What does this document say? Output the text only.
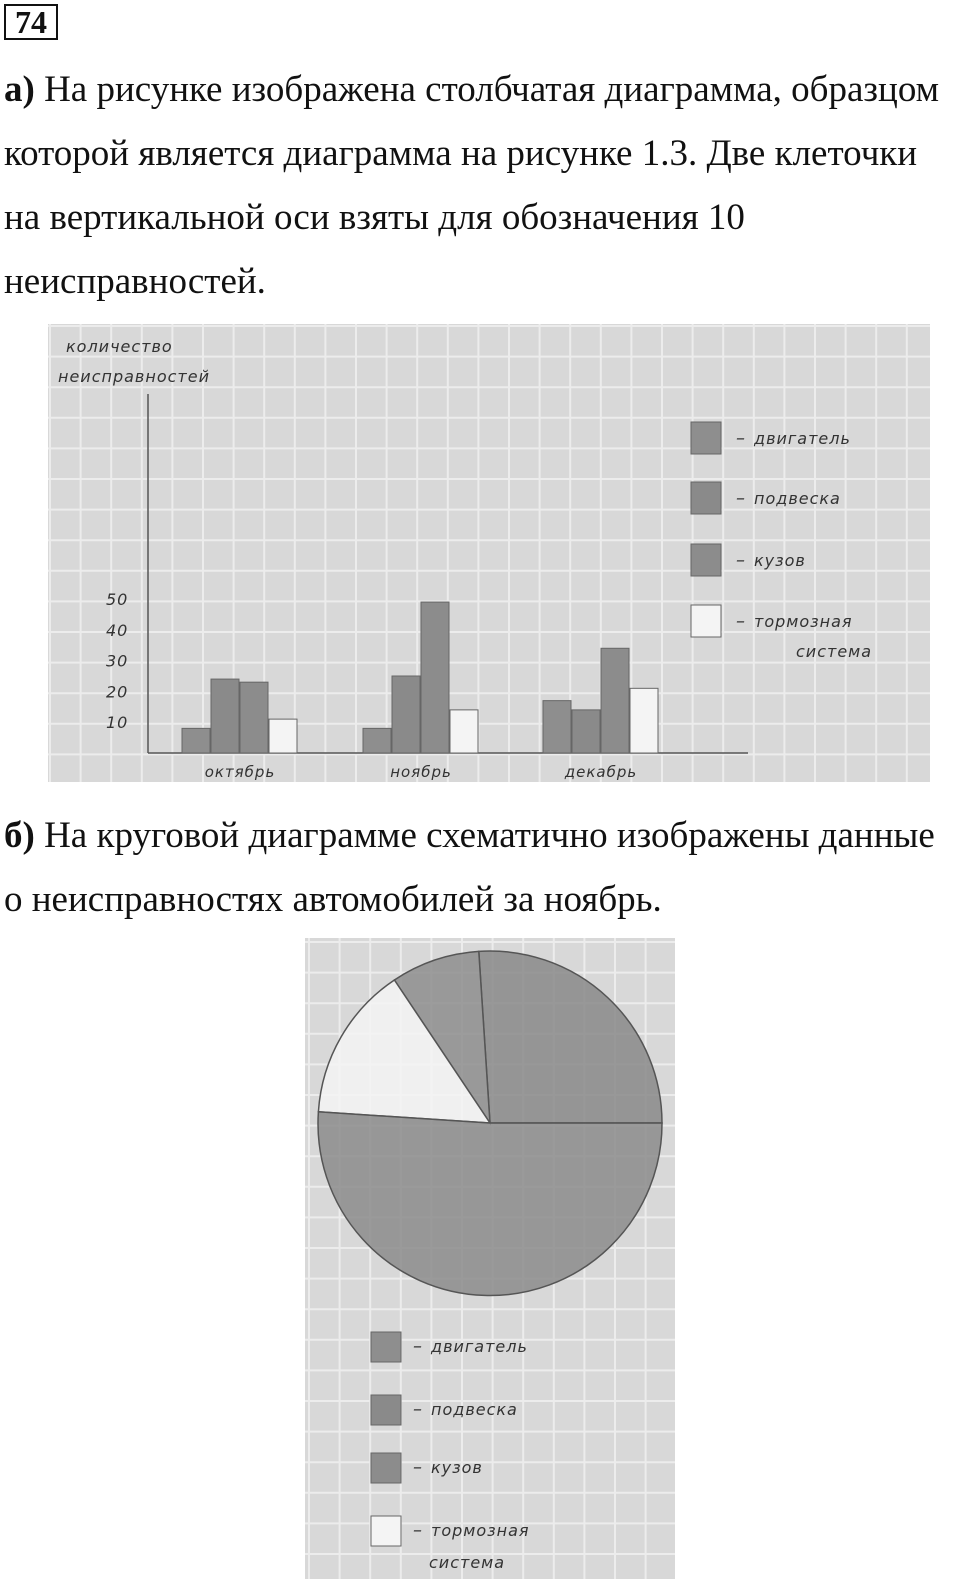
74

а) На рисунке изображена столбчатая диаграмма, образцом которой является диаграмма на рисунке 1.3. Две клеточки на вертикальной оси взяты для обозначения 10 неисправностей.

количество
неисправностей
10
20
30
40
50
октябрь	ноябрь	декабрь
– двигатель
– подвеска
– кузов
– тормозная
система

б) На круговой диаграмме схематично изображены данные о неисправностях автомобилей за ноябрь.

– двигатель
– подвеска
– кузов
– тормозная
система
